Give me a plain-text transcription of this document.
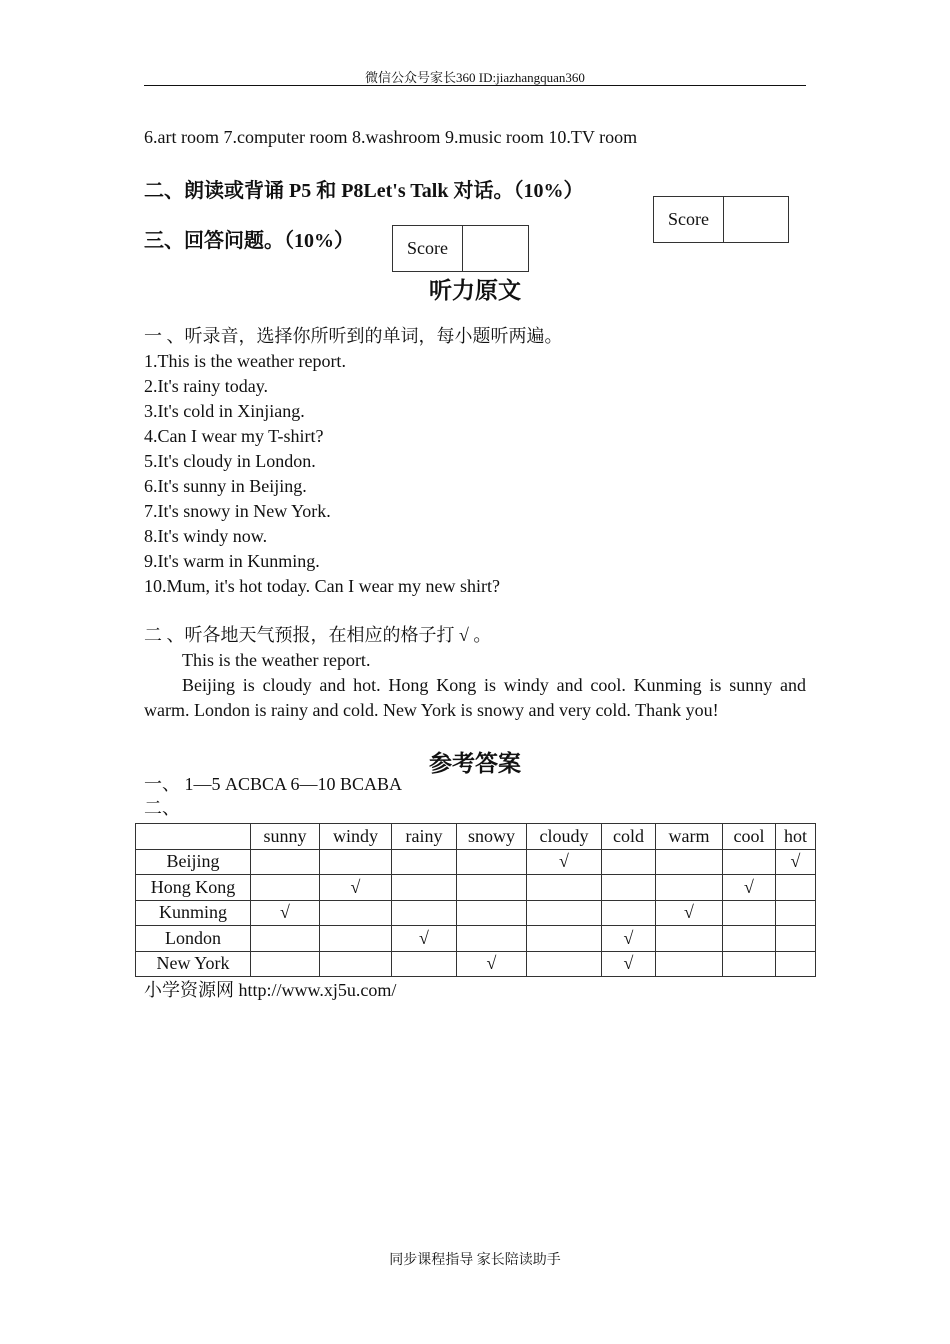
微信公众号家长360 ID:jiazhangquan360
6.art room 7.computer room 8.washroom 9.music room 10.TV room
二、朗读或背诵 P5 和 P8Let's Talk 对话。（10%）
Score
三、回答问题。（10%）	Score
听力原文
一 、听录音，选择你所听到的单词，每小题听两遍。
1.This is the weather report.
2.It's rainy today.
3.It's cold in Xinjiang.
4.Can I wear my T-shirt?
5.It's cloudy in London.
6.It's sunny in Beijing.
7.It's snowy in New York.
8.It's windy now.
9.It's warm in Kunming.
10.Mum, it's hot today. Can I wear my new shirt?
二 、听各地天气预报，在相应的格子打 √ 。
This is the weather report.
Beijing is cloudy and hot. Hong Kong is windy and cool. Kunming is sunny and warm. London is rainy and cold. New York is snowy and very cold. Thank you!
参考答案
一、 1—5 ACBCA 6—10 BCABA
二、
	sunny	windy	rainy	snowy	cloudy	cold	warm	cool	hot
Beijing					√				√
Hong Kong		√						√	
Kunming	√						√		
London			√			√			
New York				√		√			
小学资源网 http://www.xj5u.com/
同步课程指导 家长陪读助手
